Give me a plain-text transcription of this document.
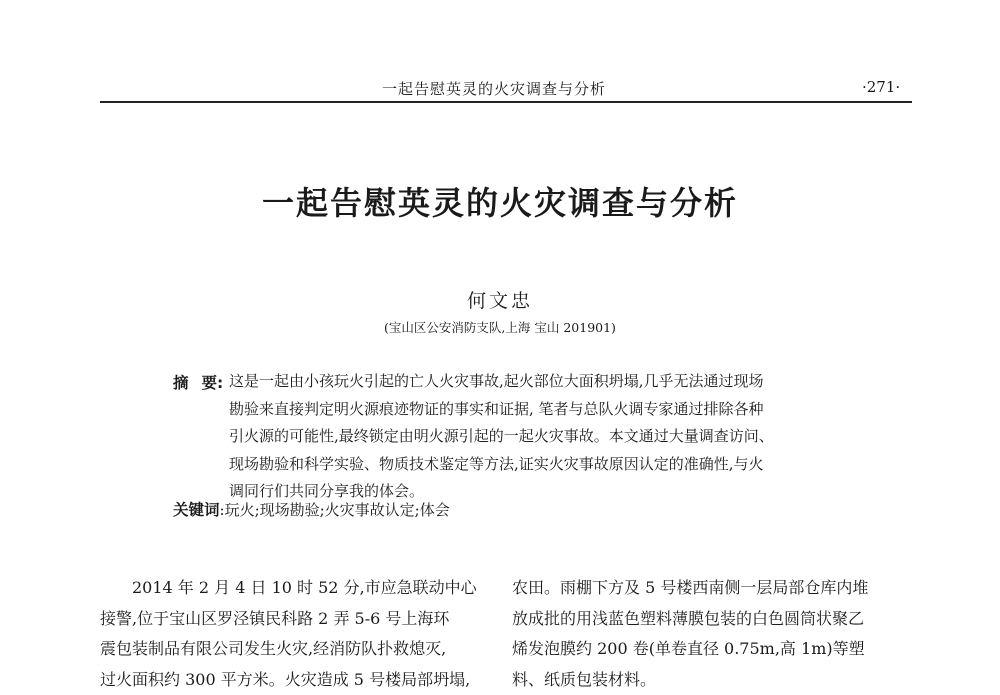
一起告慰英灵的火灾调查与分析	·271·
一起告慰英灵的火灾调查与分析
何文忠
(宝山区公安消防支队,上海 宝山 201901)
摘 要: 这是一起由小孩玩火引起的亡人火灾事故,起火部位大面积坍塌,几乎无法通过现场
勘验来直接判定明火源痕迹物证的事实和证据, 笔者与总队火调专家通过排除各种
引火源的可能性,最终锁定由明火源引起的一起火灾事故。本文通过大量调查访问、
现场勘验和科学实验、物质技术鉴定等方法,证实火灾事故原因认定的准确性,与火
调同行们共同分享我的体会。
关键词:玩火;现场勘验;火灾事故认定;体会
2014 年 2 月 4 日 10 时 52 分,市应急联动中心
接警,位于宝山区罗泾镇民科路 2 弄 5-6 号上海环
震包装制品有限公司发生火灾,经消防队扑救熄灭,
过火面积约 300 平方米。火灾造成 5 号楼局部坍塌,
农田。雨棚下方及 5 号楼西南侧一层局部仓库内堆
放成批的用浅蓝色塑料薄膜包装的白色圆筒状聚乙
烯发泡膜约 200 卷(单卷直径 0.75m,高 1m)等塑
料、纸质包装材料。
